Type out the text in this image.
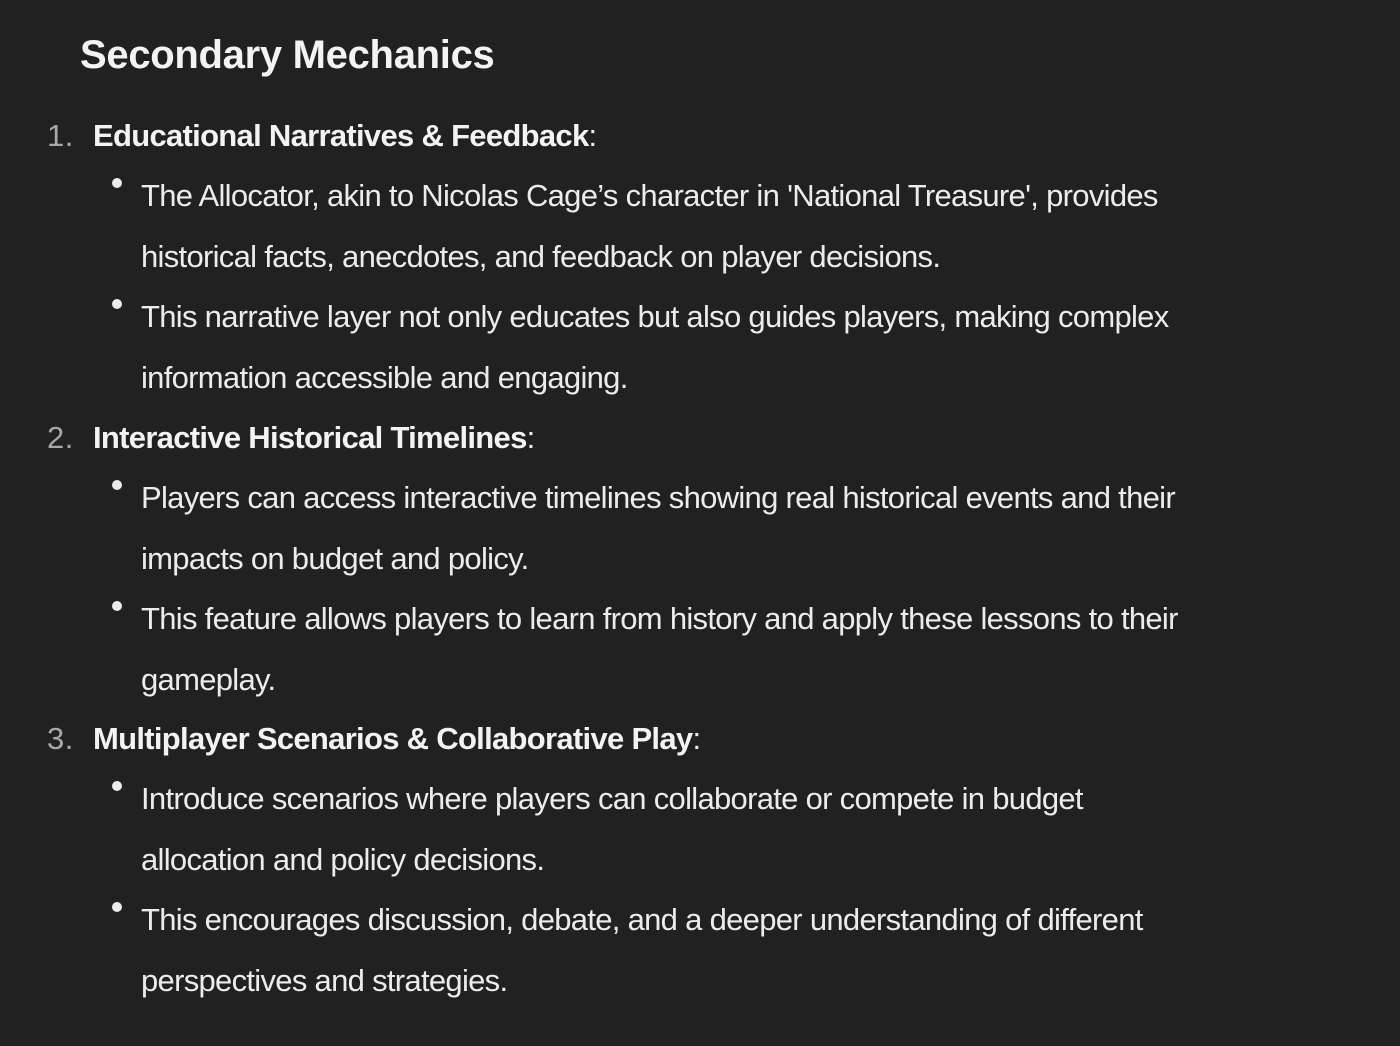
Secondary Mechanics
1. Educational Narratives & Feedback:
The Allocator, akin to Nicolas Cage’s character in 'National Treasure', provides
historical facts, anecdotes, and feedback on player decisions.
This narrative layer not only educates but also guides players, making complex
information accessible and engaging.
2. Interactive Historical Timelines:
Players can access interactive timelines showing real historical events and their
impacts on budget and policy.
This feature allows players to learn from history and apply these lessons to their
gameplay.
3. Multiplayer Scenarios & Collaborative Play:
Introduce scenarios where players can collaborate or compete in budget
allocation and policy decisions.
This encourages discussion, debate, and a deeper understanding of different
perspectives and strategies.
